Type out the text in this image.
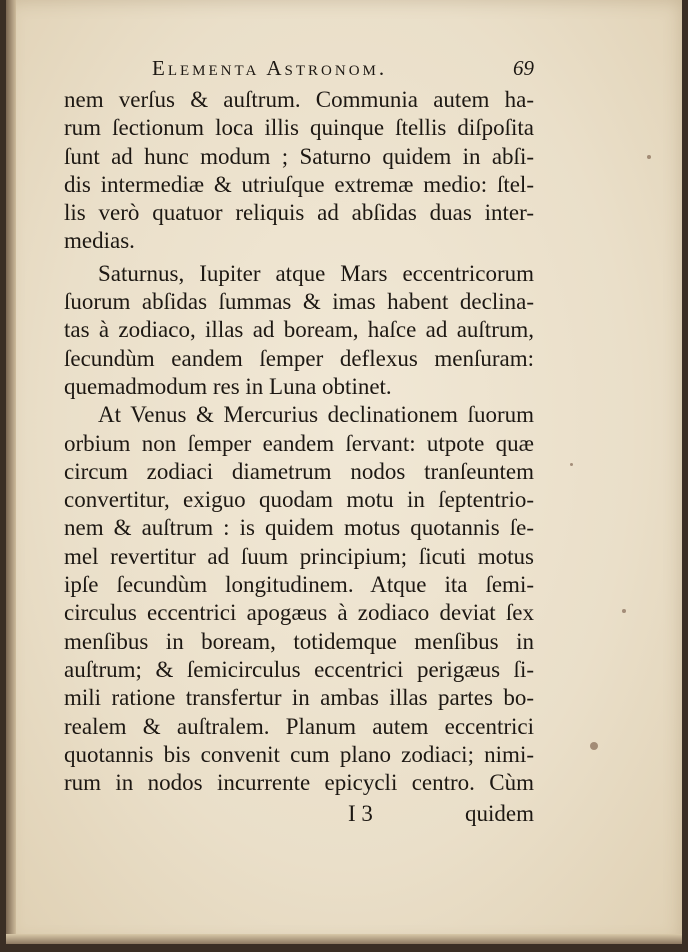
Elementa Astronom.	69
nem verſus & auſtrum. Communia autem ha-
rum ſectionum loca illis quinque ſtellis diſpoſita
ſunt ad hunc modum ; Saturno quidem in abſi-
dis intermediæ & utriuſque extremæ medio: ſtel-
lis verò quatuor reliquis ad abſidas duas inter-
medias.
Saturnus, Iupiter atque Mars eccentricorum
ſuorum abſidas ſummas & imas habent declina-
tas à zodiaco, illas ad boream, haſce ad auſtrum,
ſecundùm eandem ſemper deflexus menſuram:
quemadmodum res in Luna obtinet.
At Venus & Mercurius declinationem ſuorum
orbium non ſemper eandem ſervant: utpote quæ
circum zodiaci diametrum nodos tranſeuntem
convertitur, exiguo quodam motu in ſeptentrio-
nem & auſtrum : is quidem motus quotannis ſe-
mel revertitur ad ſuum principium; ſicuti motus
ipſe ſecundùm longitudinem. Atque ita ſemi-
circulus eccentrici apogæus à zodiaco deviat ſex
menſibus in boream, totidemque menſibus in
auſtrum; & ſemicirculus eccentrici perigæus ſi-
mili ratione transfertur in ambas illas partes bo-
realem & auſtralem. Planum autem eccentrici
quotannis bis convenit cum plano zodiaci; nimi-
rum in nodos incurrente epicycli centro. Cùm
I 3	quidem
